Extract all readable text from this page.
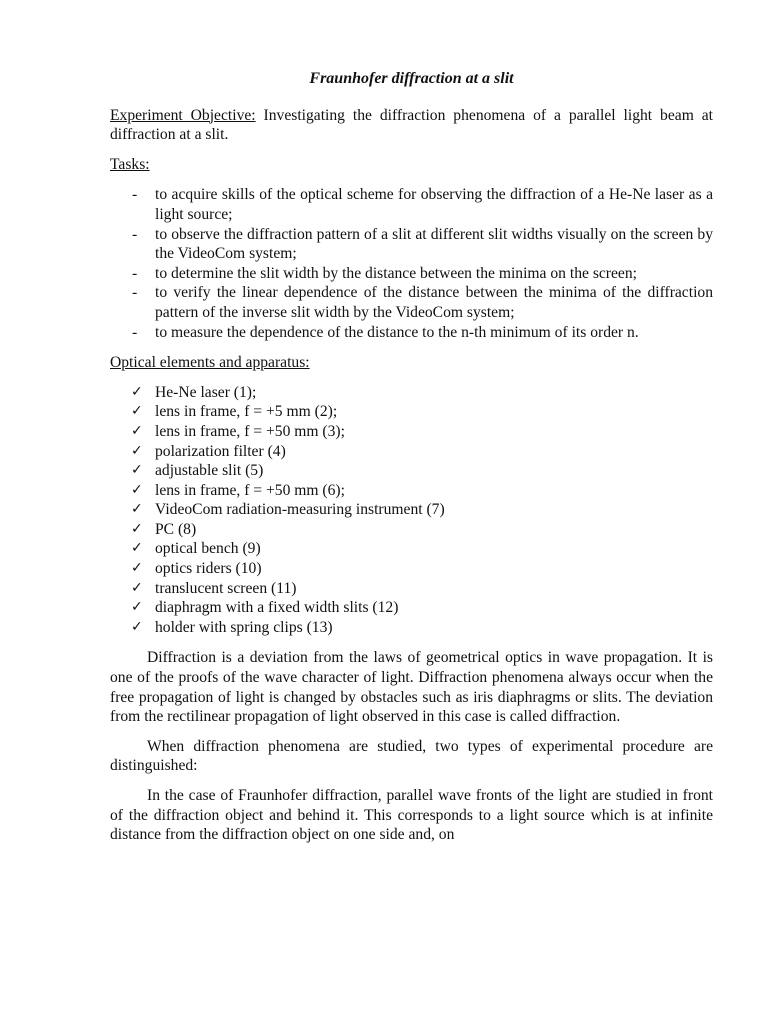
Fraunhofer diffraction at a slit

Experiment Objective: Investigating the diffraction phenomena of a parallel light beam at diffraction at a slit.

Tasks:

- to acquire skills of the optical scheme for observing the diffraction of a He-Ne laser as a light source;
- to observe the diffraction pattern of a slit at different slit widths visually on the screen by the VideoCom system;
- to determine the slit width by the distance between the minima on the screen;
- to verify the linear dependence of the distance between the minima of the diffraction pattern of the inverse slit width by the VideoCom system;
- to measure the dependence of the distance to the n-th minimum of its order n.

Optical elements and apparatus:

✓ He-Ne laser (1);
✓ lens in frame, f = +5 mm (2);
✓ lens in frame, f = +50 mm (3);
✓ polarization filter (4)
✓ adjustable slit (5)
✓ lens in frame, f = +50 mm (6);
✓ VideoCom radiation-measuring instrument (7)
✓ PC (8)
✓ optical bench (9)
✓ optics riders (10)
✓ translucent screen (11)
✓ diaphragm with a fixed width slits (12)
✓ holder with spring clips (13)

Diffraction is a deviation from the laws of geometrical optics in wave propagation. It is one of the proofs of the wave character of light. Diffraction phenomena always occur when the free propagation of light is changed by obstacles such as iris diaphragms or slits. The deviation from the rectilinear propagation of light observed in this case is called diffraction.

When diffraction phenomena are studied, two types of experimental procedure are distinguished:

In the case of Fraunhofer diffraction, parallel wave fronts of the light are studied in front of the diffraction object and behind it. This corresponds to a light source which is at infinite distance from the diffraction object on one side and, on
